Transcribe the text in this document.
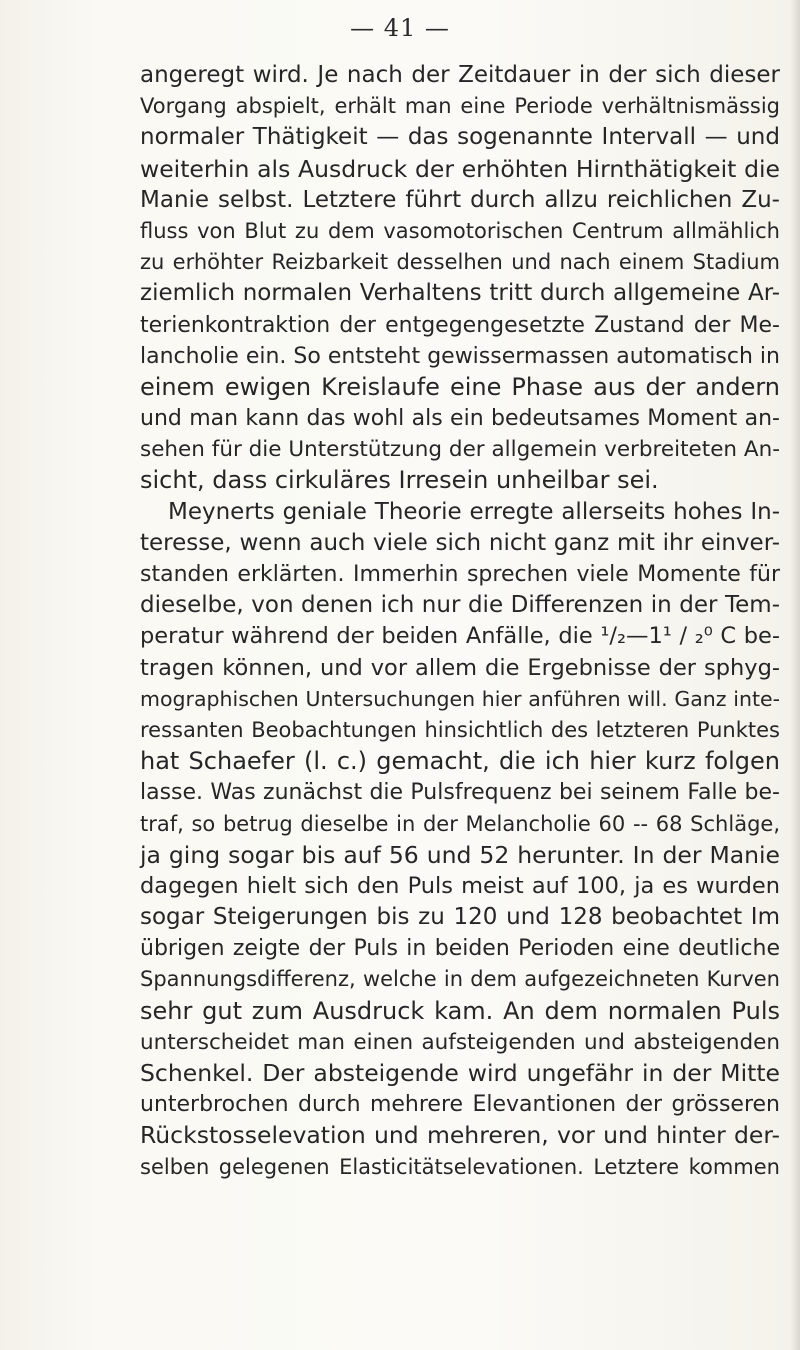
— 41 —
angeregt wird. Je nach der Zeitdauer in der sich dieser
Vorgang abspielt, erhält man eine Periode verhältnismässig
normaler Thätigkeit — das sogenannte Intervall — und
weiterhin als Ausdruck der erhöhten Hirnthätigkeit die
Manie selbst. Letztere führt durch allzu reichlichen Zu-
fluss von Blut zu dem vasomotorischen Centrum allmählich
zu erhöhter Reizbarkeit desselhen und nach einem Stadium
ziemlich normalen Verhaltens tritt durch allgemeine Ar-
terienkontraktion der entgegengesetzte Zustand der Me-
lancholie ein. So entsteht gewissermassen automatisch in
einem ewigen Kreislaufe eine Phase aus der andern
und man kann das wohl als ein bedeutsames Moment an-
sehen für die Unterstützung der allgemein verbreiteten An-
sicht, dass cirkuläres Irresein unheilbar sei.
Meynerts geniale Theorie erregte allerseits hohes In-
teresse, wenn auch viele sich nicht ganz mit ihr einver-
standen erklärten. Immerhin sprechen viele Momente für
dieselbe, von denen ich nur die Differenzen in der Tem-
peratur während der beiden Anfälle, die ¹/₂—1¹ / ₂⁰ C be-
tragen können, und vor allem die Ergebnisse der sphyg-
mographischen Untersuchungen hier anführen will. Ganz inte-
ressanten Beobachtungen hinsichtlich des letzteren Punktes
hat Schaefer (l. c.) gemacht, die ich hier kurz folgen
lasse. Was zunächst die Pulsfrequenz bei seinem Falle be-
traf, so betrug dieselbe in der Melancholie 60 -- 68 Schläge,
ja ging sogar bis auf 56 und 52 herunter. In der Manie
dagegen hielt sich den Puls meist auf 100, ja es wurden
sogar Steigerungen bis zu 120 und 128 beobachtet Im
übrigen zeigte der Puls in beiden Perioden eine deutliche
Spannungsdifferenz, welche in dem aufgezeichneten Kurven
sehr gut zum Ausdruck kam. An dem normalen Puls
unterscheidet man einen aufsteigenden und absteigenden
Schenkel. Der absteigende wird ungefähr in der Mitte
unterbrochen durch mehrere Elevantionen der grösseren
Rückstosselevation und mehreren, vor und hinter der-
selben gelegenen Elasticitätselevationen. Letztere kommen
